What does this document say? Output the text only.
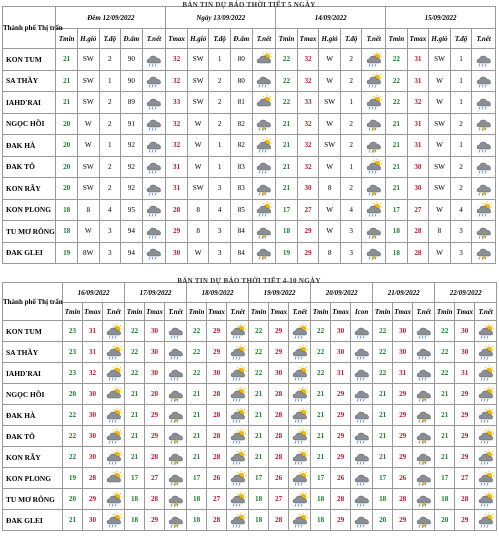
BẢN TIN DỰ BÁO THỜI TIẾT 5 NGÀY
Thành phố Thị trấn	Đêm 12/09/2022					Ngày 13/09/2022					14/09/2022					15/09/2022				
	Tmin	H.gió	T.độ	Đ.ẩm	T.nết	Tmax	H.gió	T.độ	Đ.ẩm	T.nết	Tmin	Tmax	H.gió	T.độ	T.nết	Tmin	Tmax	H.gió	T.độ	T.nết
KON TUM	21	SW	2	90		32	SW	1	80		22	32	W	2		22	31	SW	1	

SA THẦY	21	SW	1	90		32	SW	2	80		22	32	W	2		22	31	W	1	

IAHD'RAI	21	SW	2	89		33	SW	2	81		22	33	SW	1		22	32	W	1	

NGỌC HỒI	20	W	2	91		32	W	2	82		21	32	W	2		21	31	SW	2	

ĐAK HÀ	20	W	1	92		32	W	1	82		21	32	SW	2		21	31	W	1	

ĐAK TÔ	20	SW	2	92		31	W	1	83		21	32	W	1		21	30	SW	2	

KON RẪY	20	SW	2	92		31	SW	3	83		21	30	8	2		21	30	SW	2	

KON PLONG	18	8	4	95		28	8	4	85		17	27	W	4		17	27	W	4	

TU MƠ RÔNG	18	W	3	94		29	8	3	84		18	29	W	3		18	28	8	3	

ĐAK GLEI	19	8W	3	94		30	W	3	84		19	29	8	3		18	28	W	3	
BẢN TIN DỰ BÁO THỜI TIẾT 4-10 NGÀY
Thành phố Thị trấn	16/09/2022			17/09/2022			18/09/2022			19/09/2022			20/09/2022			21/09/2022			22/09/2022		
	Tmin	Tmax	T.nết	Tmin	Tmax	T.nết	Tmin	Tmax	T.nết	Tmin	Tmax	T.nết	Tmin	Tmax	Icon	Tmin	Tmax	T.nết	Tmin	Tmax	T.nết
KON TUM	23	31		22	30		22	29		22	29		22	30		22	30		22	30	

SA THẦY	23	31		22	30		22	29		22	29		22	30		22	30		22	30	

IAHD'RAI	23	32		22	30		22	30		22	30		22	31		22	31		22	31	

NGỌC HỒI	20	30		21	28		21	28		21	28		21	29		21	29		21	29	

ĐAK HÀ	22	30		21	29		21	28		21	28		21	29		21	29		21	29	

ĐAK TÔ	22	30		21	29		21	28		21	28		21	29		21	29		21	29	

KON RẪY	22	30		21	28		21	28		21	28		21	29		21	29		21	29	

KON PLONG	19	28		17	27		17	26		17	26		17	26		17	26		17	27	

TU MƠ RÔNG	20	29		18	28		18	27		18	27		18	28		18	28		18	28	

ĐAK GLEI	21	30		18	29		18	28		18	28		18	29		20	29		20	29	
